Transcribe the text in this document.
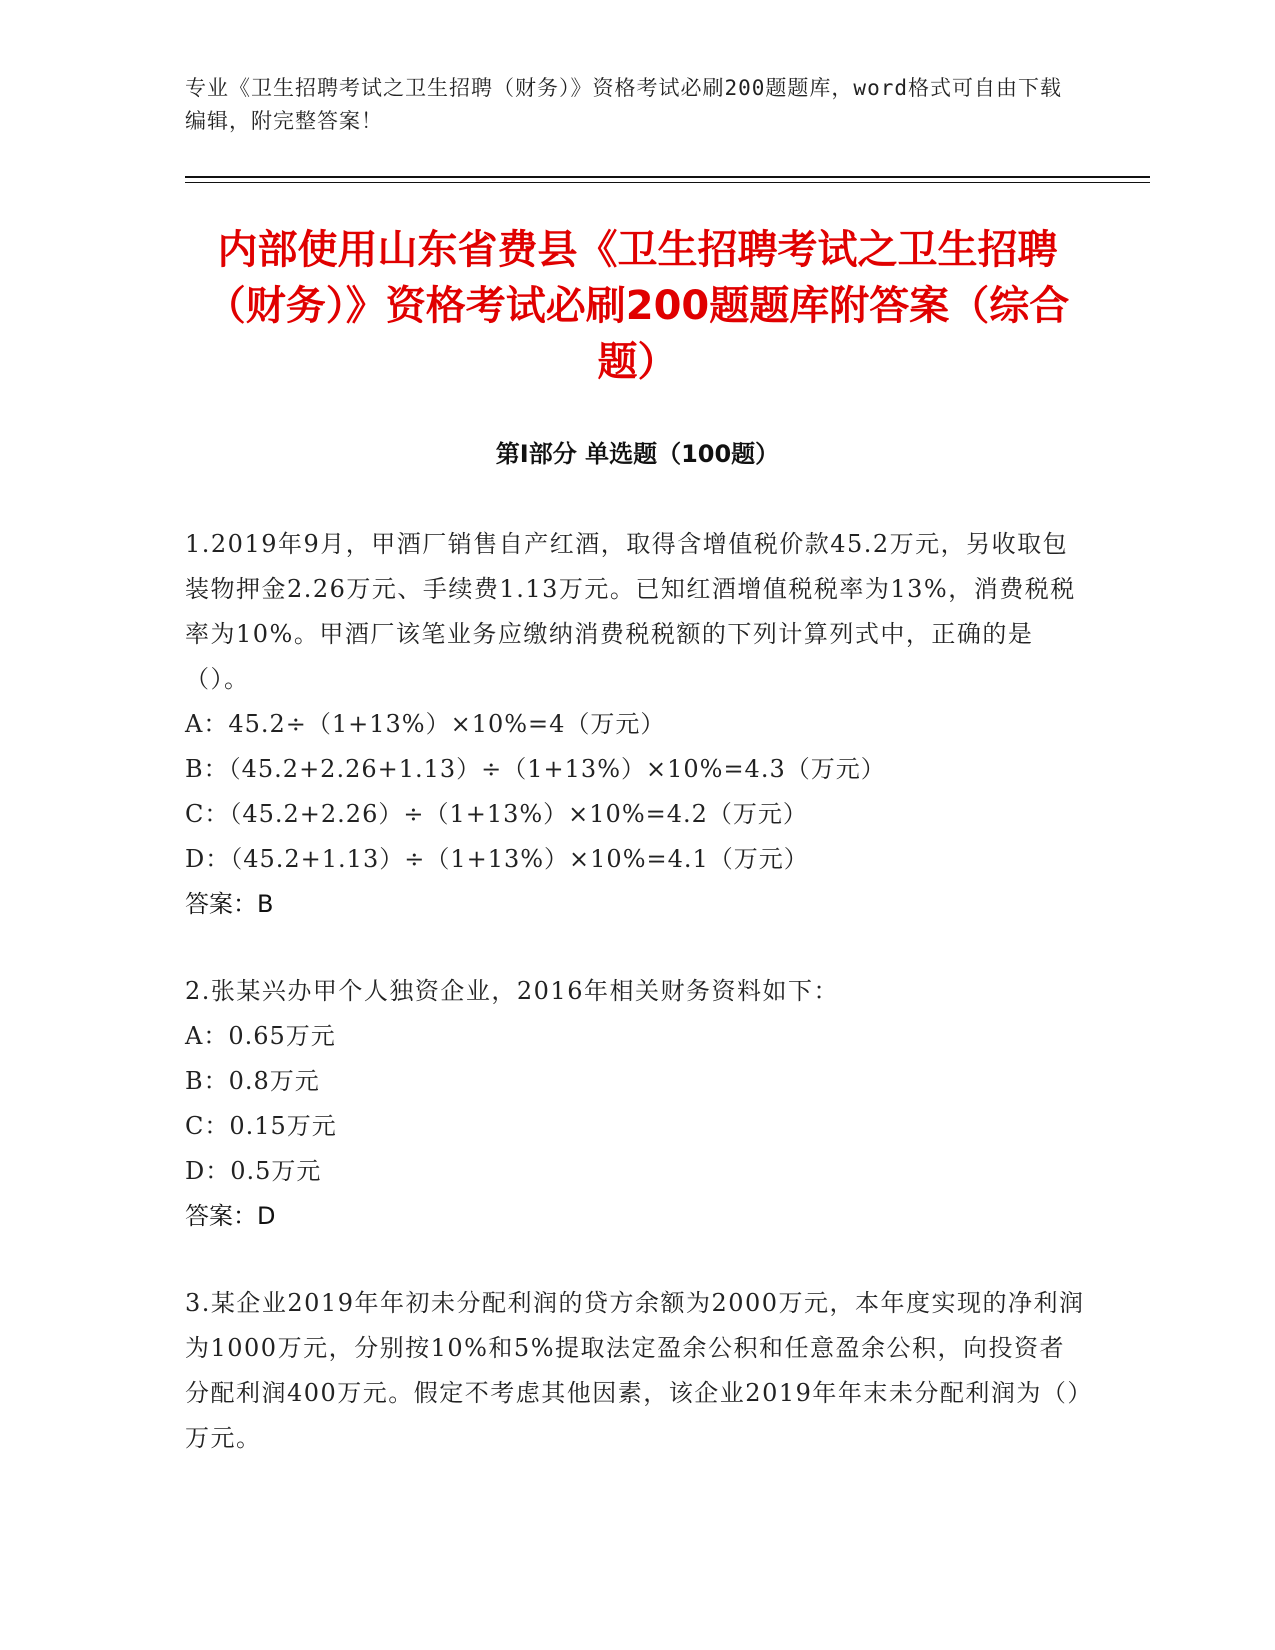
专业《卫生招聘考试之卫生招聘（财务）》资格考试必刷200题题库，word格式可自由下载编辑，附完整答案！
内部使用山东省费县《卫生招聘考试之卫生招聘（财务）》资格考试必刷200题题库附答案（综合题）
第Ⅰ部分 单选题（100题）
1.2019年9月，甲酒厂销售自产红酒，取得含增值税价款45.2万元，另收取包装物押金2.26万元、手续费1.13万元。已知红酒增值税税率为13%，消费税税率为10%。甲酒厂该笔业务应缴纳消费税税额的下列计算列式中，正确的是（）。
A：45.2÷（1+13%）×10%=4（万元）
B：（45.2+2.26+1.13）÷（1+13%）×10%=4.3（万元）
C：（45.2+2.26）÷（1+13%）×10%=4.2（万元）
D：（45.2+1.13）÷（1+13%）×10%=4.1（万元）
答案：B
2.张某兴办甲个人独资企业，2016年相关财务资料如下：
A：0.65万元
B：0.8万元
C：0.15万元
D：0.5万元
答案：D
3.某企业2019年年初未分配利润的贷方余额为2000万元，本年度实现的净利润为1000万元，分别按10%和5%提取法定盈余公积和任意盈余公积，向投资者分配利润400万元。假定不考虑其他因素，该企业2019年年末未分配利润为（）万元。
